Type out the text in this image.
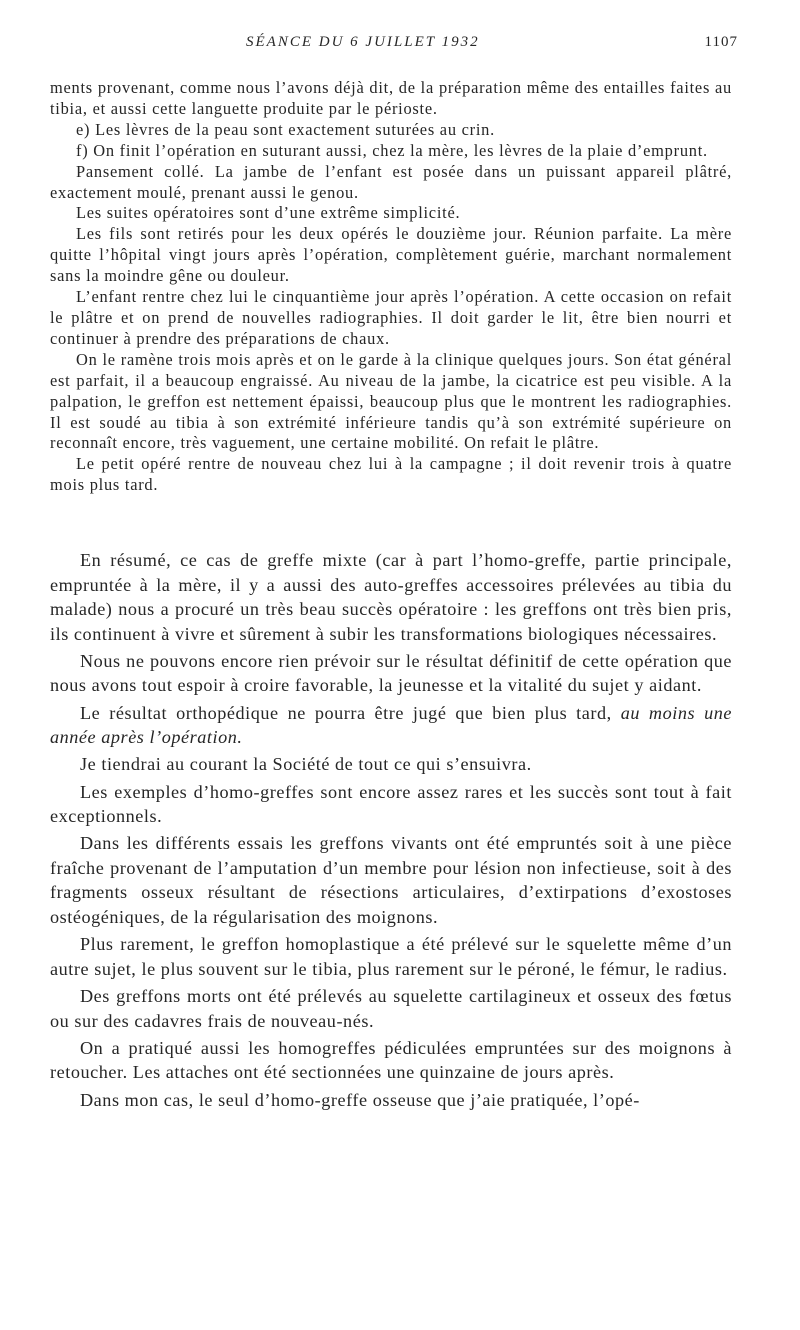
SÉANCE DU 6 JUILLET 1932	1107

ments provenant, comme nous l’avons déjà dit, de la préparation même des entailles faites au tibia, et aussi cette languette produite par le périoste.

e) Les lèvres de la peau sont exactement suturées au crin.

f) On finit l’opération en suturant aussi, chez la mère, les lèvres de la plaie d’emprunt.

Pansement collé. La jambe de l’enfant est posée dans un puissant appareil plâtré, exactement moulé, prenant aussi le genou.

Les suites opératoires sont d’une extrême simplicité.

Les fils sont retirés pour les deux opérés le douzième jour. Réunion parfaite. La mère quitte l’hôpital vingt jours après l’opération, complètement guérie, marchant normalement sans la moindre gêne ou douleur.

L’enfant rentre chez lui le cinquantième jour après l’opération. A cette occasion on refait le plâtre et on prend de nouvelles radiographies. Il doit garder le lit, être bien nourri et continuer à prendre des préparations de chaux.

On le ramène trois mois après et on le garde à la clinique quelques jours. Son état général est parfait, il a beaucoup engraissé. Au niveau de la jambe, la cicatrice est peu visible. A la palpation, le greffon est nettement épaissi, beaucoup plus que le montrent les radiographies. Il est soudé au tibia à son extrémité inférieure tandis qu’à son extrémité supérieure on reconnaît encore, très vaguement, une certaine mobilité. On refait le plâtre.

Le petit opéré rentre de nouveau chez lui à la campagne ; il doit revenir trois à quatre mois plus tard.

En résumé, ce cas de greffe mixte (car à part l’homo-greffe, partie principale, empruntée à la mère, il y a aussi des auto-greffes accessoires prélevées au tibia du malade) nous a procuré un très beau succès opératoire : les greffons ont très bien pris, ils continuent à vivre et sûrement à subir les transformations biologiques nécessaires.

Nous ne pouvons encore rien prévoir sur le résultat définitif de cette opération que nous avons tout espoir à croire favorable, la jeunesse et la vitalité du sujet y aidant.

Le résultat orthopédique ne pourra être jugé que bien plus tard, au moins une année après l’opération.

Je tiendrai au courant la Société de tout ce qui s’ensuivra.

Les exemples d’homo-greffes sont encore assez rares et les succès sont tout à fait exceptionnels.

Dans les différents essais les greffons vivants ont été empruntés soit à une pièce fraîche provenant de l’amputation d’un membre pour lésion non infectieuse, soit à des fragments osseux résultant de résections articulaires, d’extirpations d’exostoses ostéogéniques, de la régularisation des moignons.

Plus rarement, le greffon homoplastique a été prélevé sur le squelette même d’un autre sujet, le plus souvent sur le tibia, plus rarement sur le péroné, le fémur, le radius.

Des greffons morts ont été prélevés au squelette cartilagineux et osseux des fœtus ou sur des cadavres frais de nouveau-nés.

On a pratiqué aussi les homogreffes pédiculées empruntées sur des moignons à retoucher. Les attaches ont été sectionnées une quinzaine de jours après.

Dans mon cas, le seul d’homo-greffe osseuse que j’aie pratiquée, l’opé-
